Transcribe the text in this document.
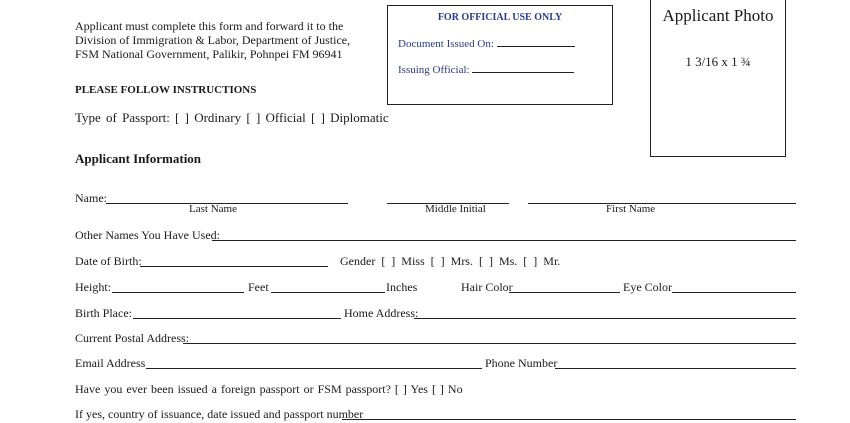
Applicant must complete this form and forward it to the
Division of Immigration & Labor, Department of Justice,
FSM National Government, Palikir, Pohnpei FM 96941
FOR OFFICIAL USE ONLY
Document Issued On:
Issuing Official:
Applicant Photo
1 3/16 x 1 ¾
PLEASE FOLLOW INSTRUCTIONS
Type of Passport: [ ] Ordinary [ ] Official [ ] Diplomatic
Applicant Information
Name:
Last Name	Middle Initial	First Name
Other Names You Have Used:
Date of Birth:	Gender [ ] Miss [ ] Mrs. [ ] Ms. [ ] Mr.
Height:	Feet	Inches	Hair Color	Eye Color
Birth Place:	Home Address:
Current Postal Address:
Email Address	Phone Number
Have you ever been issued a foreign passport or FSM passport? [ ] Yes [ ] No
If yes, country of issuance, date issued and passport number
